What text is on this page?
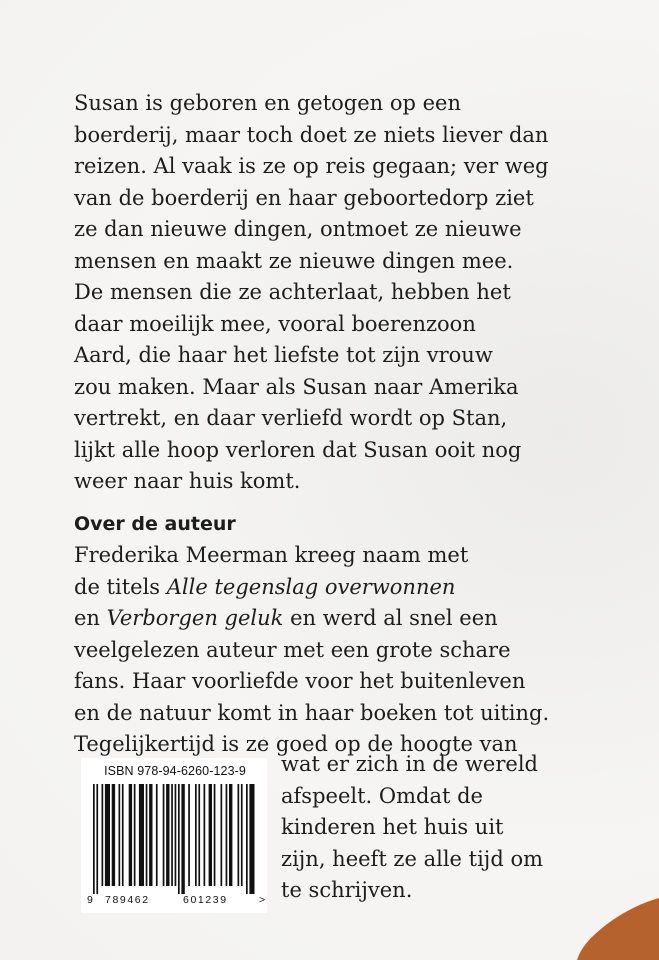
Susan is geboren en getogen op een
boerderij, maar toch doet ze niets liever dan
reizen. Al vaak is ze op reis gegaan; ver weg
van de boerderij en haar geboortedorp ziet
ze dan nieuwe dingen, ontmoet ze nieuwe
mensen en maakt ze nieuwe dingen mee.
De mensen die ze achterlaat, hebben het
daar moeilijk mee, vooral boerenzoon
Aard, die haar het liefste tot zijn vrouw
zou maken. Maar als Susan naar Amerika
vertrekt, en daar verliefd wordt op Stan,
lijkt alle hoop verloren dat Susan ooit nog
weer naar huis komt.
Over de auteur
Frederika Meerman kreeg naam met
de titels Alle tegenslag overwonnen
en Verborgen geluk en werd al snel een
veelgelezen auteur met een grote schare
fans. Haar voorliefde voor het buitenleven
en de natuur komt in haar boeken tot uiting.
Tegelijkertijd is ze goed op de hoogte van
wat er zich in de wereld
afspeelt. Omdat de
kinderen het huis uit
zijn, heeft ze alle tijd om
te schrijven.
ISBN 978-94-6260-123-9
9 789462	601239	>
